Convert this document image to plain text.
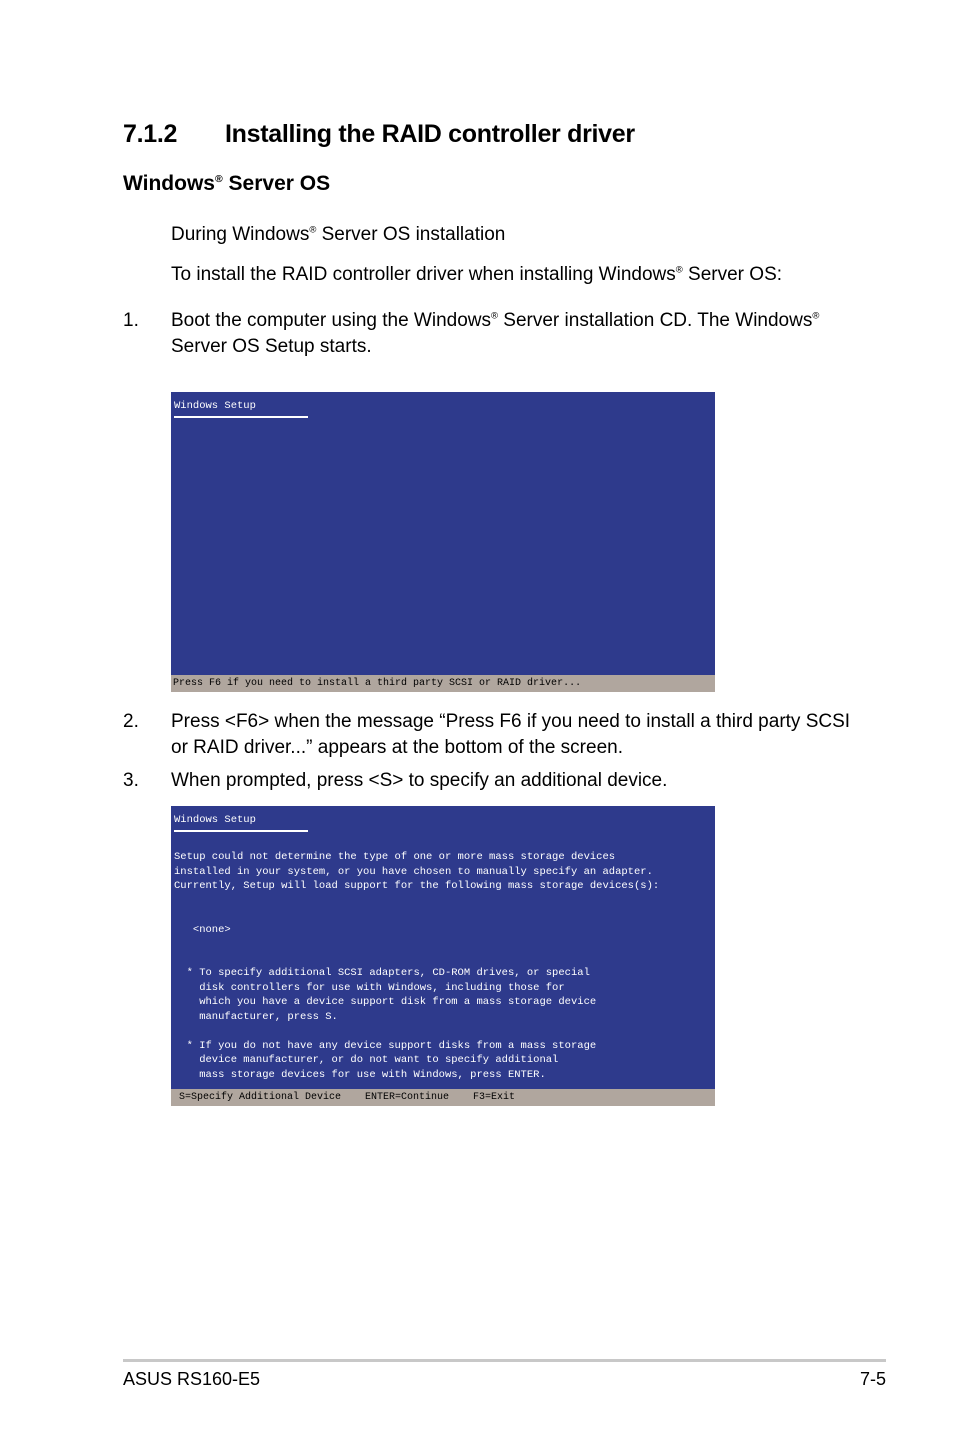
7.1.2 Installing the RAID controller driver
Windows® Server OS
During Windows® Server OS installation
To install the RAID controller driver when installing Windows® Server OS:
1. Boot the computer using the Windows® Server installation CD. The Windows®
Server OS Setup starts.
Windows Setup
Press F6 if you need to install a third party SCSI or RAID driver...
2. Press <F6> when the message “Press F6 if you need to install a third party SCSI or RAID driver...” appears at the bottom of the screen.
3. When prompted, press <S> to specify an additional device.
Windows Setup
Setup could not determine the type of one or more mass storage devices
installed in your system, or you have chosen to manually specify an adapter.
Currently, Setup will load support for the following mass storage devices(s):

<none>

* To specify additional SCSI adapters, CD-ROM drives, or special
disk controllers for use with Windows, including those for
which you have a device support disk from a mass storage device
manufacturer, press S.

* If you do not have any device support disks from a mass storage
device manufacturer, or do not want to specify additional
mass storage devices for use with Windows, press ENTER.
S=Specify Additional Device    ENTER=Continue    F3=Exit
ASUS RS160-E5	7-5
